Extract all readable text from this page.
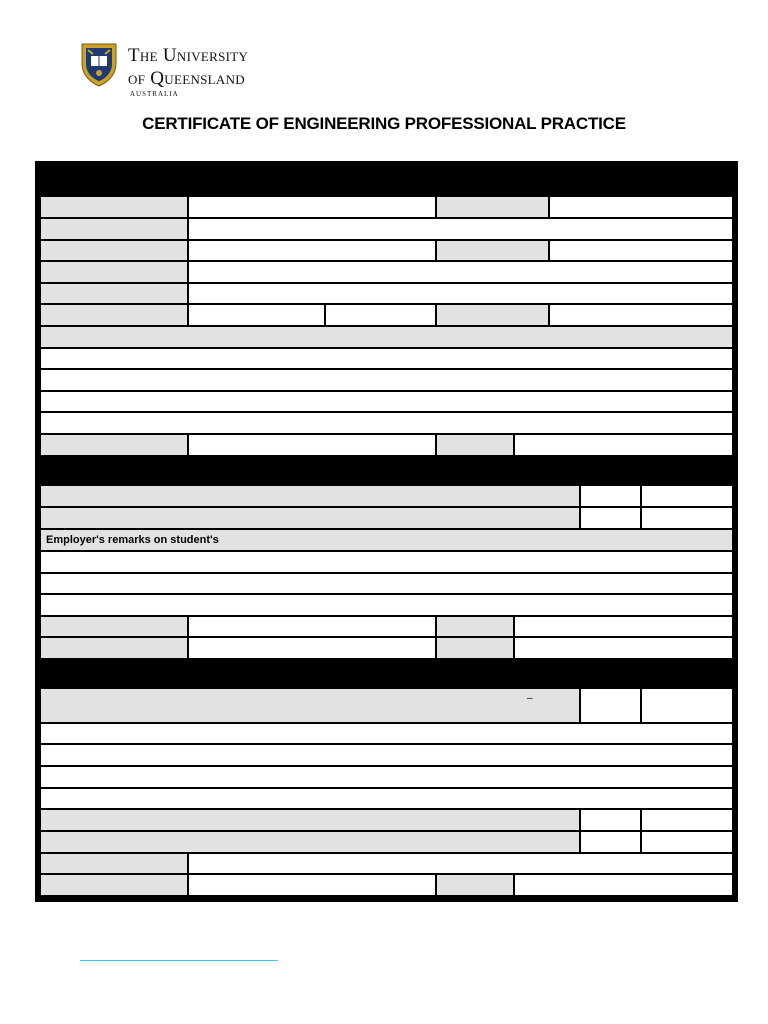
The University
of Queensland
AUSTRALIA
CERTIFICATE OF ENGINEERING PROFESSIONAL PRACTICE
Employer's remarks on student's
–
